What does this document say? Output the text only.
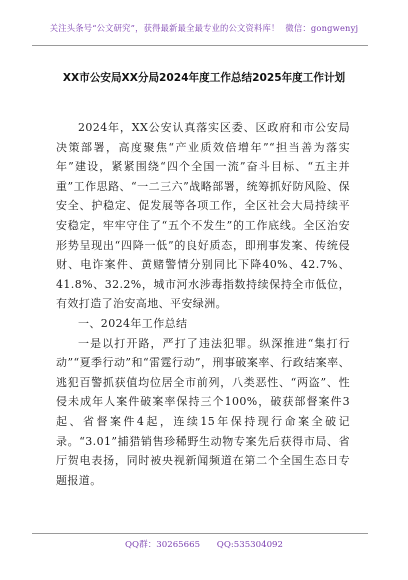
关注头条号“公文研究”，获得最新最全最专业的公文资料库！ 微信：gongwenyj
XX市公安局XX分局2024年度工作总结2025年度工作计划

2024年，XX公安认真落实区委、区政府和市公安局决策部署，高度聚焦“产业质效倍增年”“担当善为落实年”建设，紧紧围绕“四个全国一流”奋斗目标、“五主并重”工作思路、“一二三六”战略部署，统筹抓好防风险、保安全、护稳定、促发展等各项工作，全区社会大局持续平安稳定，牢牢守住了“五个不发生”的工作底线。全区治安形势呈现出“四降一低”的良好质态，即刑事发案、传统侵财、电诈案件、黄赌警情分别同比下降40%、42.7%、41.8%、32.2%，城市河水涉毒指数持续保持全市低位，有效打造了治安高地、平安绿洲。

一、2024年工作总结

一是以打开路，严打了违法犯罪。纵深推进“集打行动”“夏季行动”和“雷霆行动”，刑事破案率、行政结案率、逃犯百警抓获值均位居全市前列，八类恶性、“两盗”、性侵未成年人案件破案率保持三个100%，破获部督案件3起、省督案件4起，连续15年保持现行命案全破记录。“3.01”捕猎销售珍稀野生动物专案先后获得市局、省厅贺电表扬，同时被央视新闻频道在第二个全国生态日专题报道。

QQ群：30265665 QQ:535304092
